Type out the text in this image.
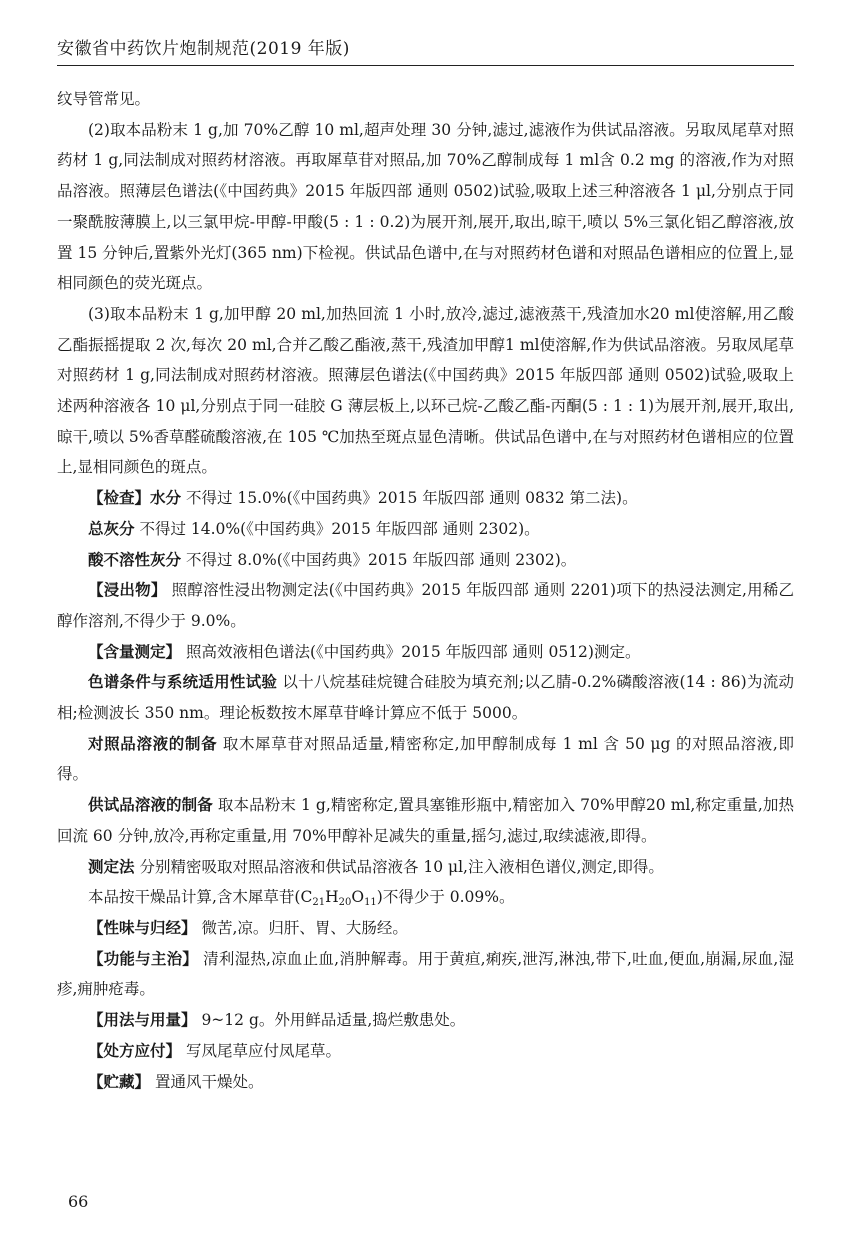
安徽省中药饮片炮制规范(2019 年版)

纹导管常见。

(2)取本品粉末 1 g,加 70%乙醇 10 ml,超声处理 30 分钟,滤过,滤液作为供试品溶液。另取凤尾草对照药材 1 g,同法制成对照药材溶液。再取犀草苷对照品,加 70%乙醇制成每 1 ml含 0.2 mg 的溶液,作为对照品溶液。照薄层色谱法(《中国药典》2015 年版四部 通则 0502)试验,吸取上述三种溶液各 1 μl,分别点于同一聚酰胺薄膜上,以三氯甲烷-甲醇-甲酸(5 : 1 : 0.2)为展开剂,展开,取出,晾干,喷以 5%三氯化铝乙醇溶液,放置 15 分钟后,置紫外光灯(365 nm)下检视。供试品色谱中,在与对照药材色谱和对照品色谱相应的位置上,显相同颜色的荧光斑点。

(3)取本品粉末 1 g,加甲醇 20 ml,加热回流 1 小时,放冷,滤过,滤液蒸干,残渣加水20 ml使溶解,用乙酸乙酯振摇提取 2 次,每次 20 ml,合并乙酸乙酯液,蒸干,残渣加甲醇1 ml使溶解,作为供试品溶液。另取凤尾草对照药材 1 g,同法制成对照药材溶液。照薄层色谱法(《中国药典》2015 年版四部 通则 0502)试验,吸取上述两种溶液各 10 μl,分别点于同一硅胶 G 薄层板上,以环己烷-乙酸乙酯-丙酮(5 : 1 : 1)为展开剂,展开,取出,晾干,喷以 5%香草醛硫酸溶液,在 105 ℃加热至斑点显色清晰。供试品色谱中,在与对照药材色谱相应的位置上,显相同颜色的斑点。

【检查】水分 不得过 15.0%(《中国药典》2015 年版四部 通则 0832 第二法)。

总灰分 不得过 14.0%(《中国药典》2015 年版四部 通则 2302)。

酸不溶性灰分 不得过 8.0%(《中国药典》2015 年版四部 通则 2302)。

【浸出物】 照醇溶性浸出物测定法(《中国药典》2015 年版四部 通则 2201)项下的热浸法测定,用稀乙醇作溶剂,不得少于 9.0%。

【含量测定】 照高效液相色谱法(《中国药典》2015 年版四部 通则 0512)测定。

色谱条件与系统适用性试验 以十八烷基硅烷键合硅胶为填充剂;以乙腈-0.2%磷酸溶液(14 : 86)为流动相;检测波长 350 nm。理论板数按木犀草苷峰计算应不低于 5000。

对照品溶液的制备 取木犀草苷对照品适量,精密称定,加甲醇制成每 1 ml 含 50 μg 的对照品溶液,即得。

供试品溶液的制备 取本品粉末 1 g,精密称定,置具塞锥形瓶中,精密加入 70%甲醇20 ml,称定重量,加热回流 60 分钟,放冷,再称定重量,用 70%甲醇补足减失的重量,摇匀,滤过,取续滤液,即得。

测定法 分别精密吸取对照品溶液和供试品溶液各 10 μl,注入液相色谱仪,测定,即得。

本品按干燥品计算,含木犀草苷$(C_{21}H_{20}O_{11})$不得少于 0.09%。

【性味与归经】 微苦,凉。归肝、胃、大肠经。

【功能与主治】 清利湿热,凉血止血,消肿解毒。用于黄疸,痢疾,泄泻,淋浊,带下,吐血,便血,崩漏,尿血,湿疹,痈肿疮毒。

【用法与用量】 9~12 g。外用鲜品适量,捣烂敷患处。

【处方应付】 写凤尾草应付凤尾草。

【贮藏】 置通风干燥处。

66
